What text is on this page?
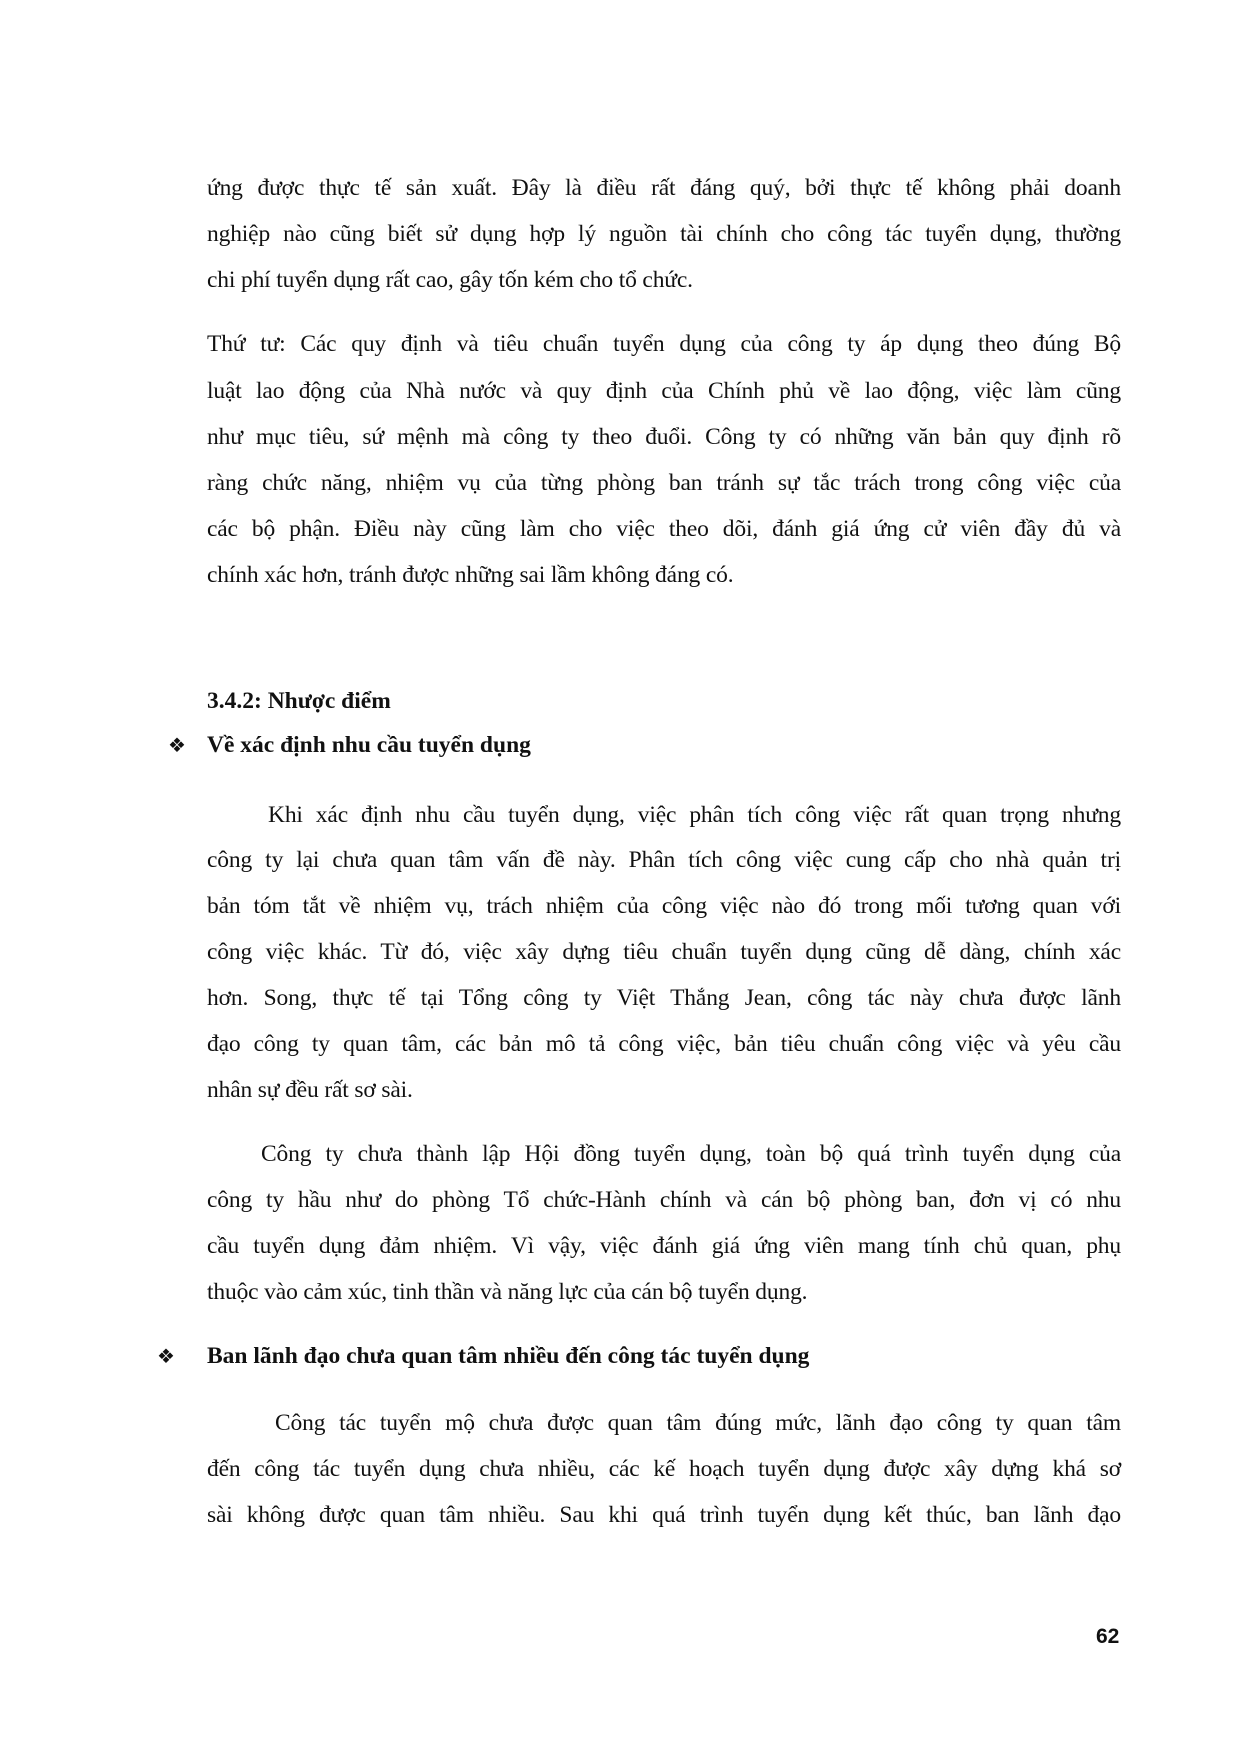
ứng được thực tế sản xuất. Đây là điều rất đáng quý, bởi thực tế không phải doanh
nghiệp nào cũng biết sử dụng hợp lý nguồn tài chính cho công tác tuyển dụng, thường
chi phí tuyển dụng rất cao, gây tốn kém cho tổ chức.
Thứ tư: Các quy định và tiêu chuẩn tuyển dụng của công ty áp dụng theo đúng Bộ
luật lao động của Nhà nước và quy định của Chính phủ về lao động, việc làm cũng
như mục tiêu, sứ mệnh mà công ty theo đuổi. Công ty có những văn bản quy định rõ
ràng chức năng, nhiệm vụ của từng phòng ban tránh sự tắc trách trong công việc của
các bộ phận. Điều này cũng làm cho việc theo dõi, đánh giá ứng cử viên đầy đủ và
chính xác hơn, tránh được những sai lầm không đáng có.
3.4.2: Nhược điểm
❖ Về xác định nhu cầu tuyển dụng
Khi xác định nhu cầu tuyển dụng, việc phân tích công việc rất quan trọng nhưng
công ty lại chưa quan tâm vấn đề này. Phân tích công việc cung cấp cho nhà quản trị
bản tóm tắt về nhiệm vụ, trách nhiệm của công việc nào đó trong mối tương quan với
công việc khác. Từ đó, việc xây dựng tiêu chuẩn tuyển dụng cũng dễ dàng, chính xác
hơn. Song, thực tế tại Tổng công ty Việt Thắng Jean, công tác này chưa được lãnh
đạo công ty quan tâm, các bản mô tả công việc, bản tiêu chuẩn công việc và yêu cầu
nhân sự đều rất sơ sài.
Công ty chưa thành lập Hội đồng tuyển dụng, toàn bộ quá trình tuyển dụng của
công ty hầu như do phòng Tổ chức-Hành chính và cán bộ phòng ban, đơn vị có nhu
cầu tuyển dụng đảm nhiệm. Vì vậy, việc đánh giá ứng viên mang tính chủ quan, phụ
thuộc vào cảm xúc, tinh thần và năng lực của cán bộ tuyển dụng.
❖ Ban lãnh đạo chưa quan tâm nhiều đến công tác tuyển dụng
Công tác tuyển mộ chưa được quan tâm đúng mức, lãnh đạo công ty quan tâm
đến công tác tuyển dụng chưa nhiều, các kế hoạch tuyển dụng được xây dựng khá sơ
sài không được quan tâm nhiều. Sau khi quá trình tuyển dụng kết thúc, ban lãnh đạo
62
